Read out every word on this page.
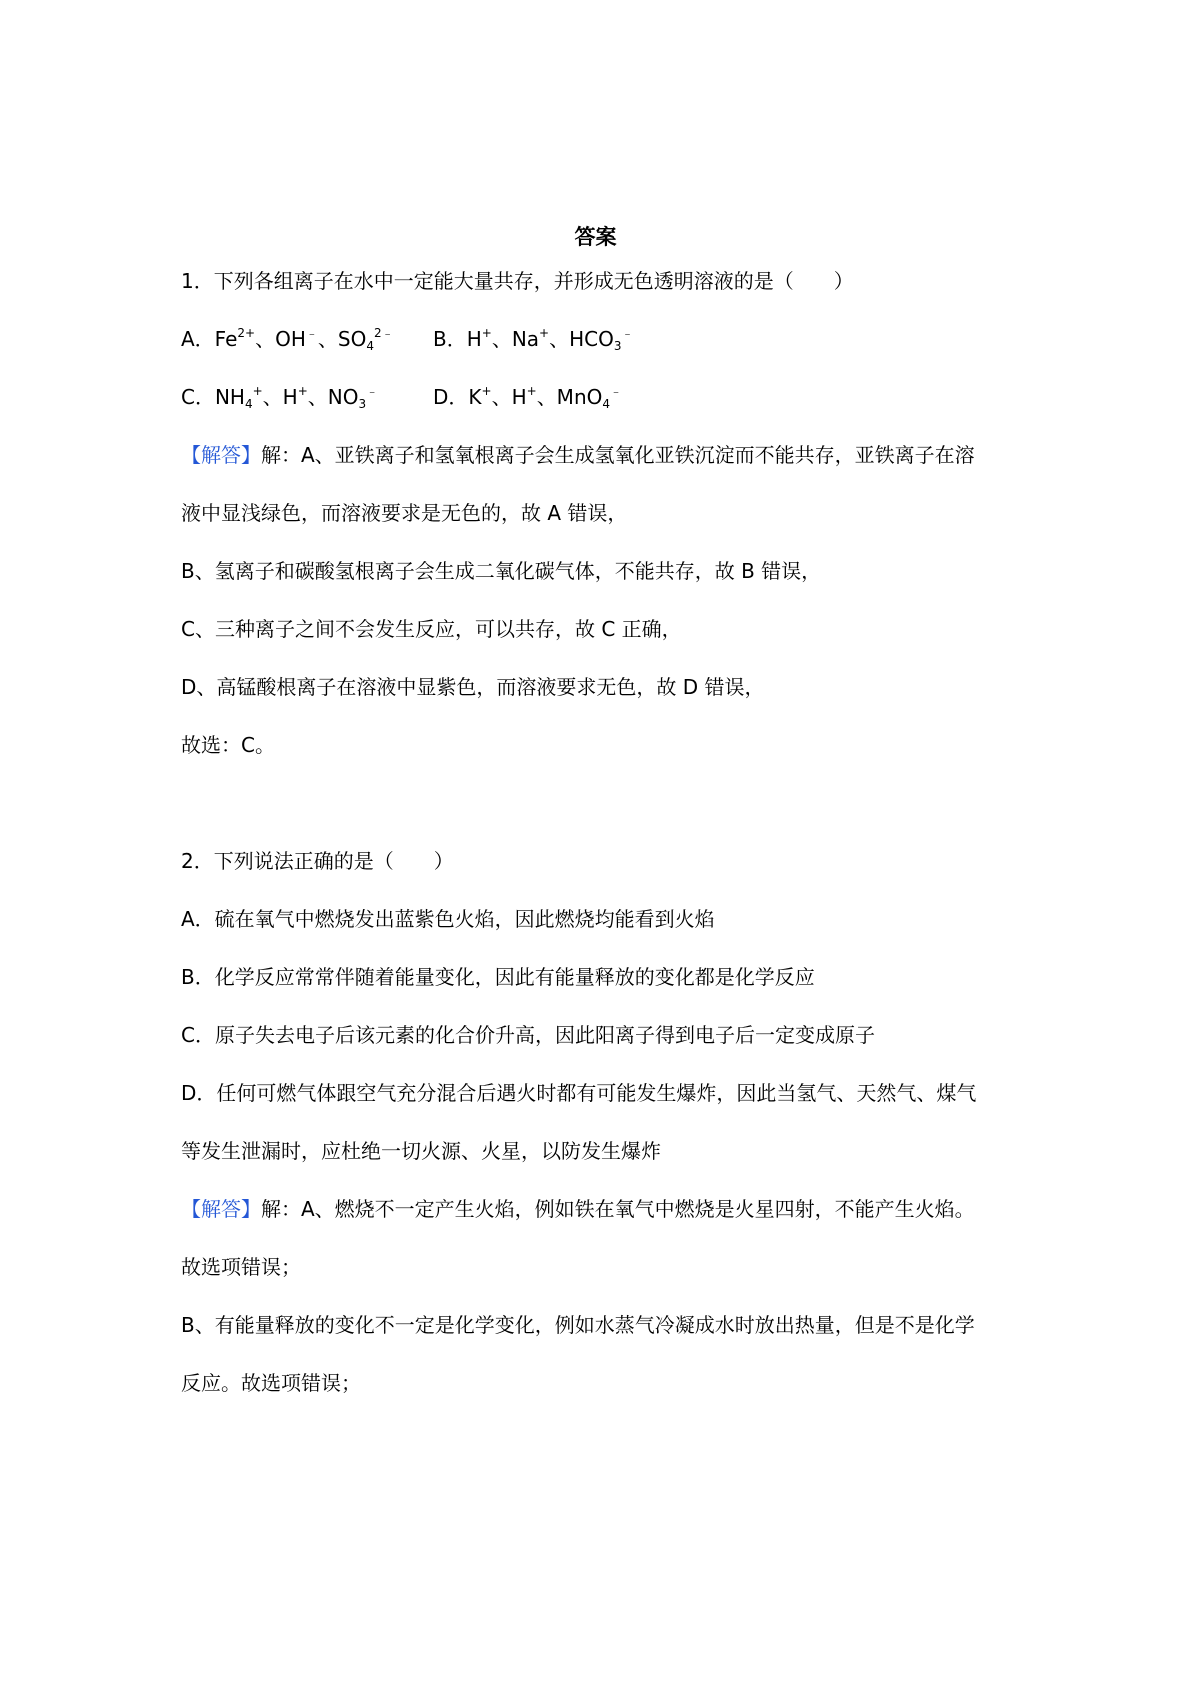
答案
1．下列各组离子在水中一定能大量共存，并形成无色透明溶液的是（　　）
A．$Fe^{2+}$、OH﹣、$SO_4^{2﹣}$ B．H+、Na+、$HCO_3^﹣$
C．$NH_4^+$、H+、$NO_3^﹣$	D．K+、H+、MnO$_4$﹣
【解答】解：A、亚铁离子和氢氧根离子会生成氢氧化亚铁沉淀而不能共存，亚铁离子在溶
液中显浅绿色，而溶液要求是无色的，故 A 错误，
B、氢离子和碳酸氢根离子会生成二氧化碳气体，不能共存，故 B 错误，
C、三种离子之间不会发生反应，可以共存，故 C 正确，
D、高锰酸根离子在溶液中显紫色，而溶液要求无色，故 D 错误，
故选：C。
2．下列说法正确的是（　　）
A．硫在氧气中燃烧发出蓝紫色火焰，因此燃烧均能看到火焰
B．化学反应常常伴随着能量变化，因此有能量释放的变化都是化学反应
C．原子失去电子后该元素的化合价升高，因此阳离子得到电子后一定变成原子
D．任何可燃气体跟空气充分混合后遇火时都有可能发生爆炸，因此当氢气、天然气、煤气
等发生泄漏时，应杜绝一切火源、火星，以防发生爆炸
【解答】解：A、燃烧不一定产生火焰，例如铁在氧气中燃烧是火星四射，不能产生火焰。
故选项错误；
B、有能量释放的变化不一定是化学变化，例如水蒸气冷凝成水时放出热量，但是不是化学
反应。故选项错误；
